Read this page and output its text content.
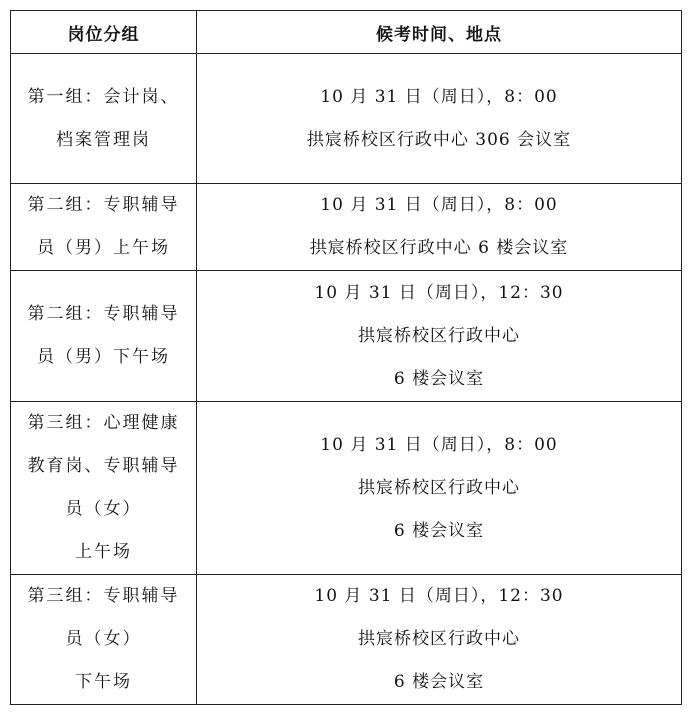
岗位分组	候考时间、地点

第一组：会计岗、
档案管理岗	10 月 31 日（周日），8：00
拱宸桥校区行政中心 306 会议室

第二组：专职辅导
员（男）上午场	10 月 31 日（周日），8：00
拱宸桥校区行政中心 6 楼会议室

第二组：专职辅导
员（男）下午场	10 月 31 日（周日），12：30
拱宸桥校区行政中心
6 楼会议室

第三组：心理健康
教育岗、专职辅导
员（女）
上午场	10 月 31 日（周日），8：00
拱宸桥校区行政中心
6 楼会议室

第三组：专职辅导
员（女）
下午场	10 月 31 日（周日），12：30
拱宸桥校区行政中心
6 楼会议室
